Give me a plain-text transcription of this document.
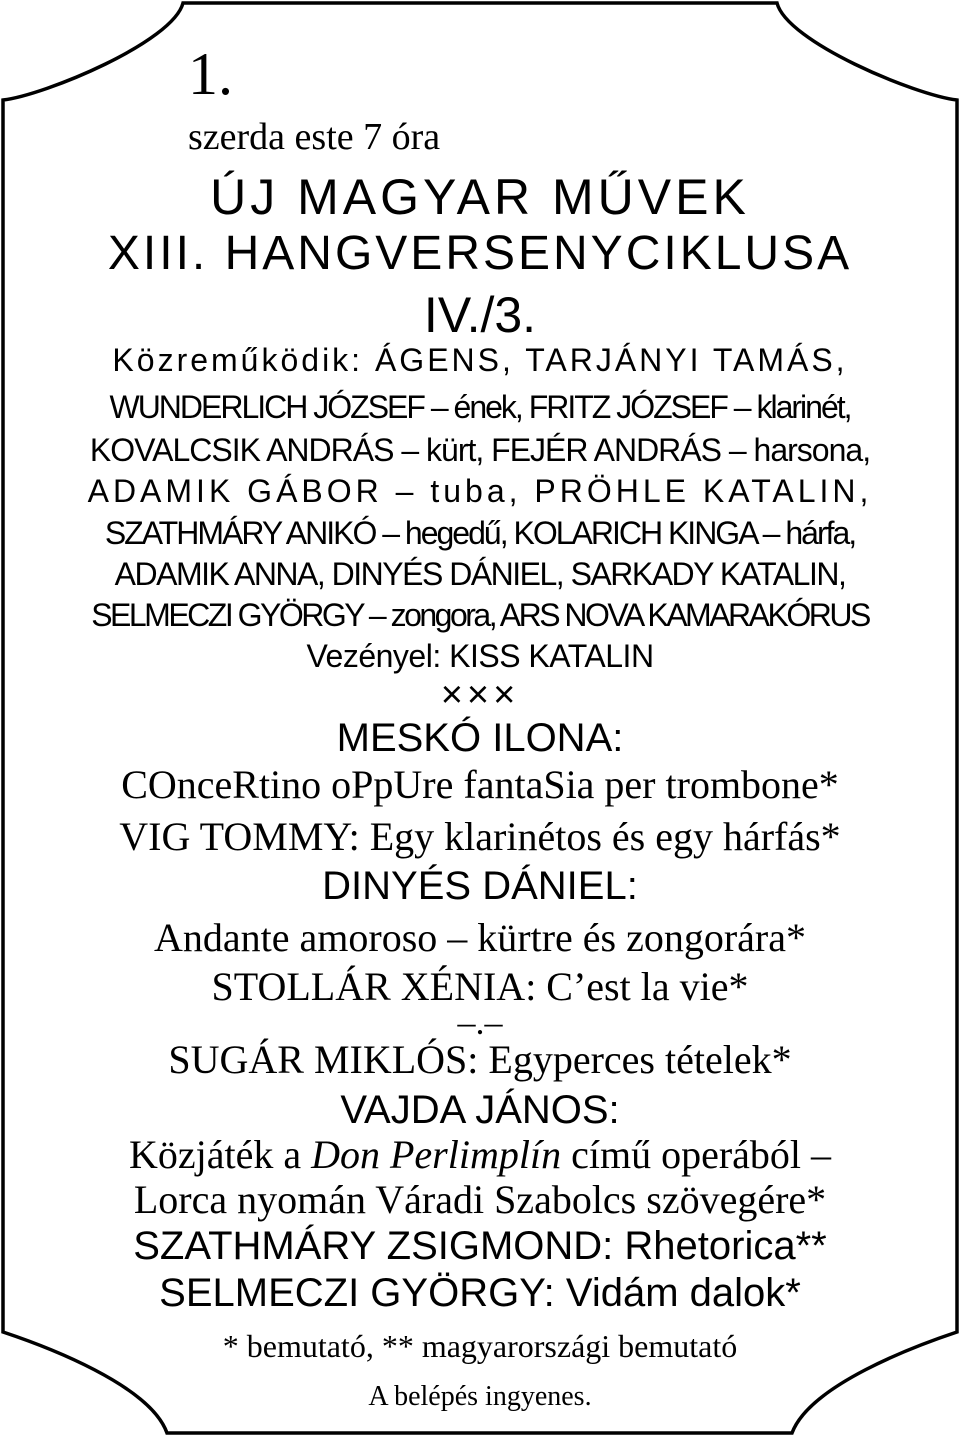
1.
szerda este 7 óra
ÚJ MAGYAR MŰVEK
XIII. HANGVERSENYCIKLUSA
IV./3.
Közreműködik: ÁGENS, TARJÁNYI TAMÁS,
WUNDERLICH JÓZSEF – ének, FRITZ JÓZSEF – klarinét,
KOVALCSIK ANDRÁS – kürt, FEJÉR ANDRÁS – harsona,
ADAMIK GÁBOR – tuba, PRÖHLE KATALIN,
SZATHMÁRY ANIKÓ – hegedű, KOLARICH KINGA – hárfa,
ADAMIK ANNA, DINYÉS DÁNIEL, SARKADY KATALIN,
SELMECZI GYÖRGY – zongora, ARS NOVA KAMARAKÓRUS
Vezényel: KISS KATALIN
×××
MESKÓ ILONA:
COnceRtino oPpUre fantaSia per trombone*
VIG TOMMY: Egy klarinétos és egy hárfás*
DINYÉS DÁNIEL:
Andante amoroso – kürtre és zongorára*
STOLLÁR XÉNIA: C’est la vie*
–.–
SUGÁR MIKLÓS: Egyperces tételek*
VAJDA JÁNOS:
Közjáték a Don Perlimplín című operából –
Lorca nyomán Váradi Szabolcs szövegére*
SZATHMÁRY ZSIGMOND: Rhetorica**
SELMECZI GYÖRGY: Vidám dalok*
* bemutató, ** magyarországi bemutató
A belépés ingyenes.
